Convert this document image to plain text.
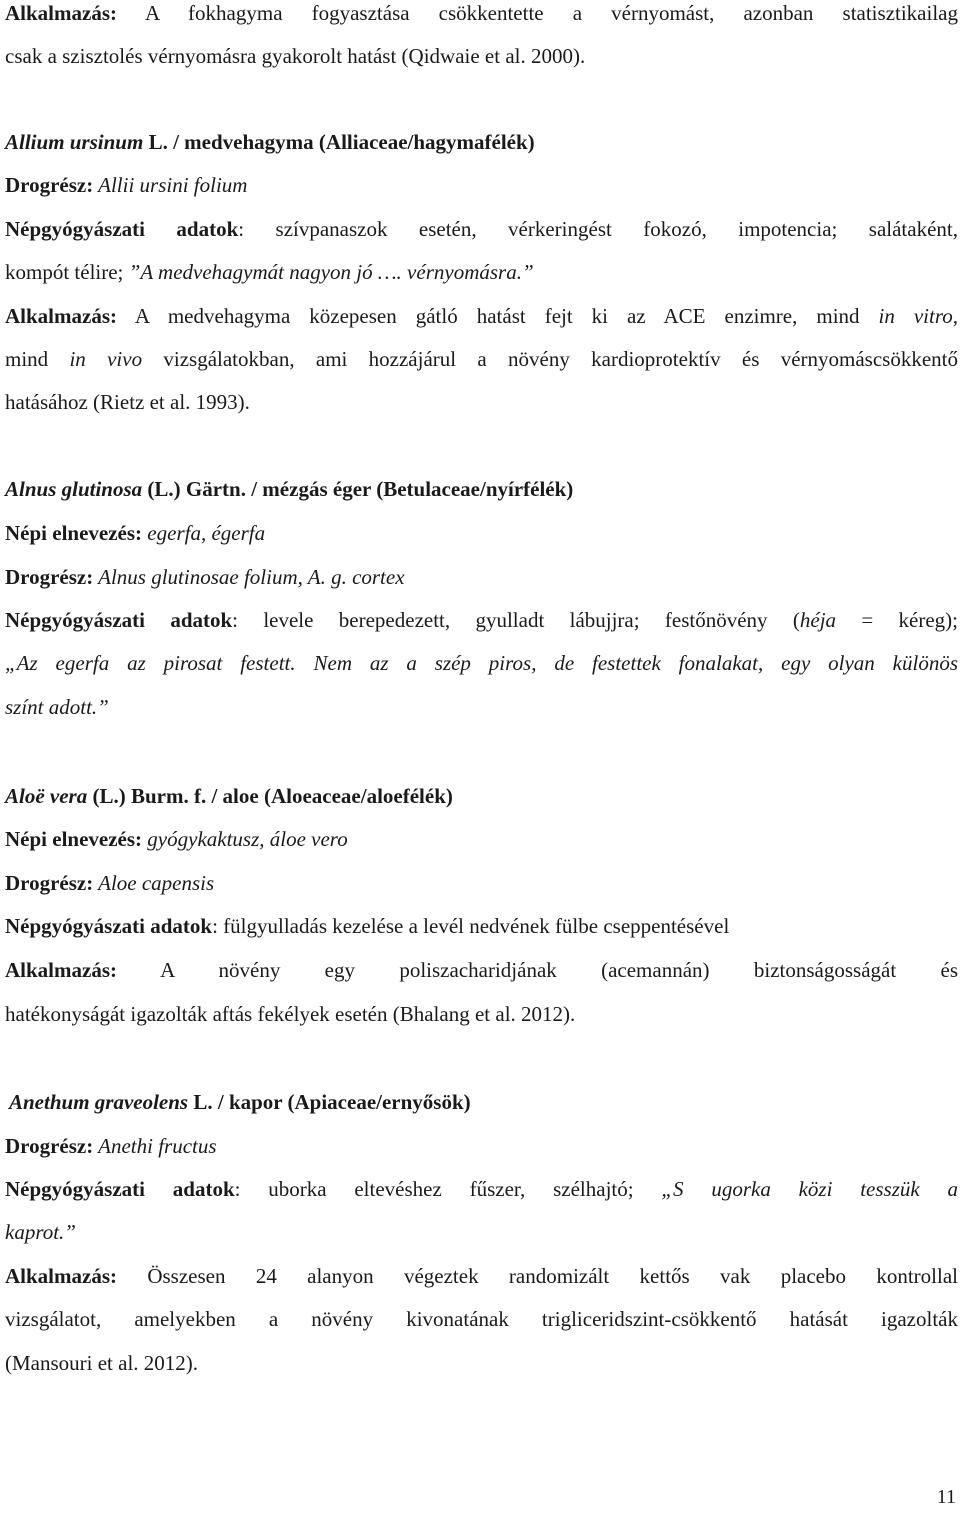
Alkalmazás: A fokhagyma fogyasztása csökkentette a vérnyomást, azonban statisztikailag
csak a szisztolés vérnyomásra gyakorolt hatást (Qidwaie et al. 2000).
Allium ursinum L. / medvehagyma (Alliaceae/hagymafélék)
Drogrész: Allii ursini folium
Népgyógyászati adatok: szívpanaszok esetén, vérkeringést fokozó, impotencia; salátaként,
kompót télire; ”A medvehagymát nagyon jó …. vérnyomásra.”
Alkalmazás: A medvehagyma közepesen gátló hatást fejt ki az ACE enzimre, mind in vitro,
mind in vivo vizsgálatokban, ami hozzájárul a növény kardioprotektív és vérnyomáscsökkentő
hatásához (Rietz et al. 1993).
Alnus glutinosa (L.) Gärtn. / mézgás éger (Betulaceae/nyírfélék)
Népi elnevezés: egerfa, égerfa
Drogrész: Alnus glutinosae folium, A. g. cortex
Népgyógyászati adatok: levele berepedezett, gyulladt lábujjra; festőnövény (héja = kéreg);
„Az egerfa az pirosat festett. Nem az a szép piros, de festettek fonalakat, egy olyan különös
színt adott.”
Aloë vera (L.) Burm. f. / aloe (Aloeaceae/aloefélék)
Népi elnevezés: gyógykaktusz, áloe vero
Drogrész: Aloe capensis
Népgyógyászati adatok: fülgyulladás kezelése a levél nedvének fülbe cseppentésével
Alkalmazás: A növény egy poliszacharidjának (acemannán) biztonságosságát és
hatékonyságát igazolták aftás fekélyek esetén (Bhalang et al. 2012).
Anethum graveolens L. / kapor (Apiaceae/ernyősök)
Drogrész: Anethi fructus
Népgyógyászati adatok: uborka eltevéshez fűszer, szélhajtó; „S ugorka közi tesszük a
kaprot.”
Alkalmazás: Összesen 24 alanyon végeztek randomizált kettős vak placebo kontrollal
vizsgálatot, amelyekben a növény kivonatának trigliceridszint-csökkentő hatását igazolták
(Mansouri et al. 2012).
11
